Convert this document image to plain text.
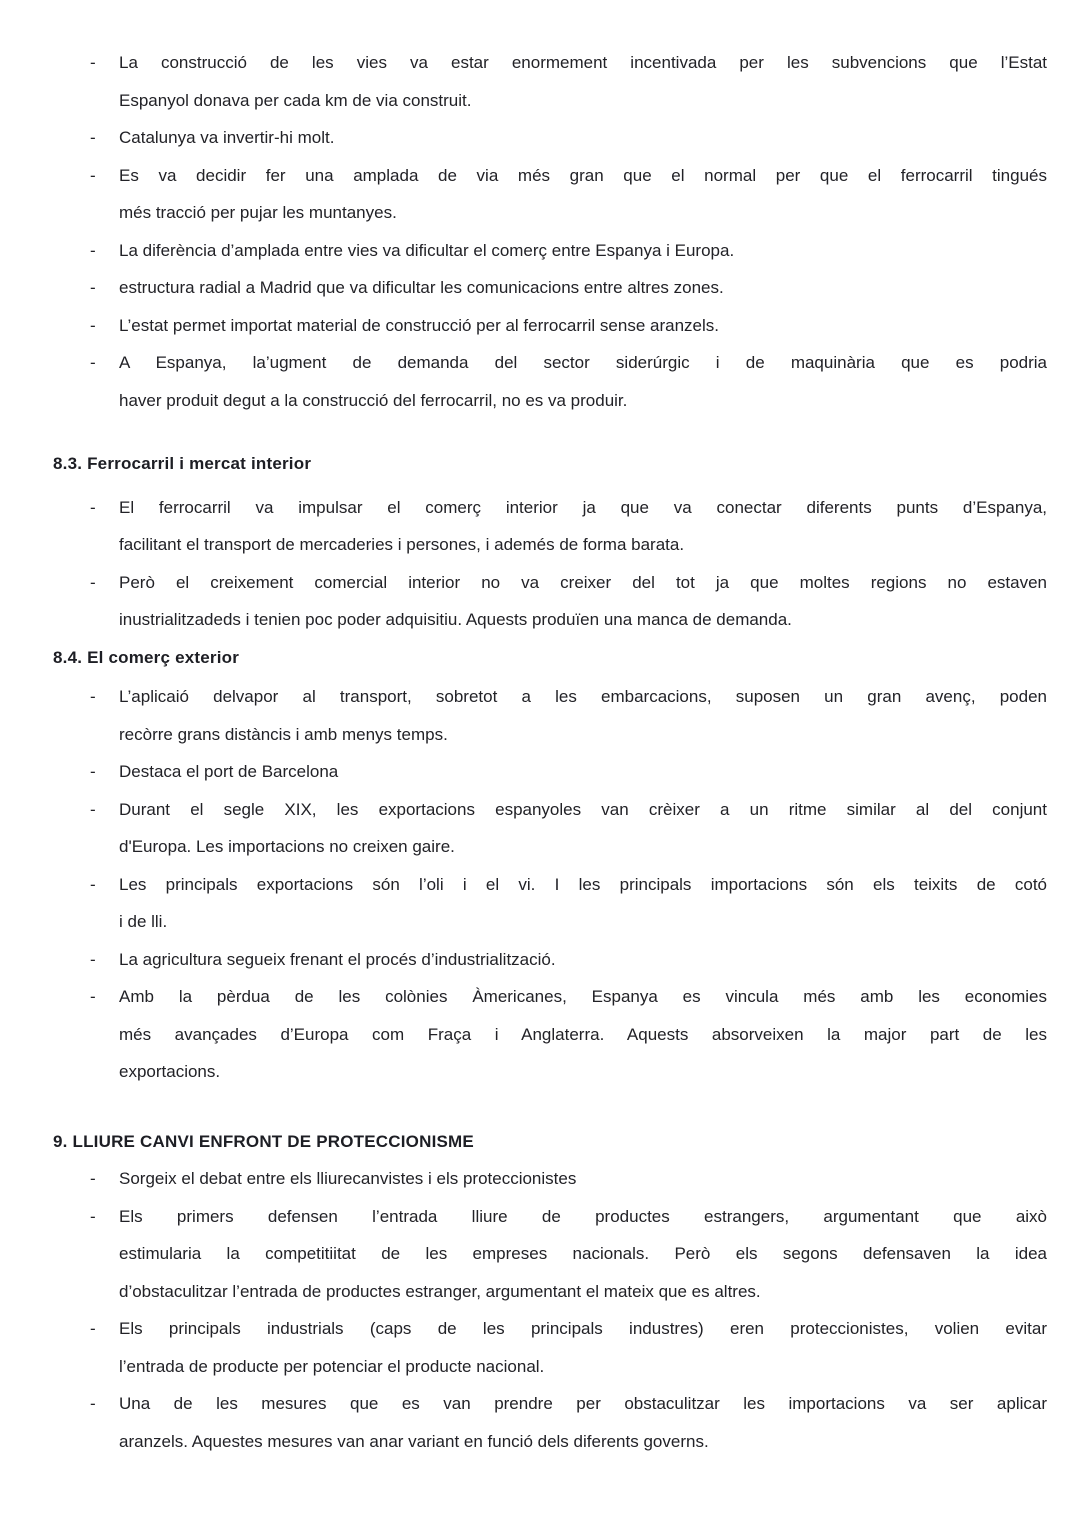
- La construcció de les vies va estar enormement incentivada per les subvencions que l’Estat
Espanyol donava per cada km de via construit.
- Catalunya va invertir-hi molt.
- Es va decidir fer una amplada de via més gran que el normal per que el ferrocarril tingués
més tracció per pujar les muntanyes.
- La diferència d’amplada entre vies va dificultar el comerç entre Espanya i Europa.
- estructura radial a Madrid que va dificultar les comunicacions entre altres zones.
- L’estat permet importat material de construcció per al ferrocarril sense aranzels.
- A Espanya, la’ugment de demanda del sector siderúrgic i de maquinària que es podria
haver produit degut a la construcció del ferrocarril, no es va produir.
8.3. Ferrocarril i mercat interior
- El ferrocarril va impulsar el comerç interior ja que va conectar diferents punts d’Espanya,
facilitant el transport de mercaderies i persones, i ademés de forma barata.
- Però el creixement comercial interior no va creixer del tot ja que moltes regions no estaven
inustrialitzadeds i tenien poc poder adquisitiu. Aquests produïen una manca de demanda.
8.4. El comerç exterior
- L’aplicaió delvapor al transport, sobretot a les embarcacions, suposen un gran avenç, poden
recòrre grans distàncis i amb menys temps.
- Destaca el port de Barcelona
- Durant el segle XIX, les exportacions espanyoles van crèixer a un ritme similar al del conjunt
d'Europa. Les importacions no creixen gaire.
- Les principals exportacions són l’oli i el vi. I les principals importacions són els teixits de cotó
i de lli.
- La agricultura segueix frenant el procés d’industrialització.
- Amb la pèrdua de les colònies Àmericanes, Espanya es vincula més amb les economies
més avançades d’Europa com Fraça i Anglaterra. Aquests absorveixen la major part de les
exportacions.
9. LLIURE CANVI ENFRONT DE PROTECCIONISME
- Sorgeix el debat entre els lliurecanvistes i els proteccionistes
- Els primers defensen l’entrada lliure de productes estrangers, argumentant que això
estimularia la competitiitat de les empreses nacionals. Però els segons defensaven la idea
d’obstaculitzar l’entrada de productes estranger, argumentant el mateix que es altres.
- Els principals industrials (caps de les principals industres) eren proteccionistes, volien evitar
l’entrada de producte per potenciar el producte nacional.
- Una de les mesures que es van prendre per obstaculitzar les importacions va ser aplicar
aranzels. Aquestes mesures van anar variant en funció dels diferents governs.
